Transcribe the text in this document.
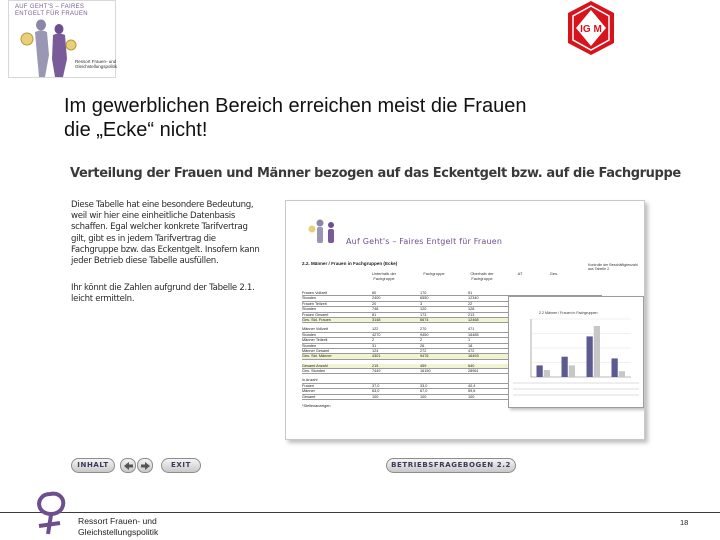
AUF GEHT'S – FAIRES ENTGELT FÜR FRAUEN
Ressort Frauen- und Gleichstellungspolitik
IG M
Im gewerblichen Bereich erreichen meist die Frauen
die „Ecke“ nicht!
Verteilung der Frauen und Männer bezogen auf das Eckentgelt bzw. auf die Fachgruppe
Diese Tabelle hat eine besondere Bedeutung, weil wir hier eine einheitliche Datenbasis schaffen. Egal welcher konkrete Tarifvertrag gilt, gibt es in jedem Tarifvertrag die Fachgruppe bzw. das Eckentgelt. Insofern kann jeder Betrieb diese Tabelle ausfüllen.
Ihr könnt die Zahlen aufgrund der Tabelle 2.1. leicht ermitteln.
Auf Geht's – Faires Entgelt für Frauen
2.2. Männer / Frauen in Fachgruppen (Ecke)
Unterhalb der Fachgruppe
Fachgruppe	Oberhalb der Fachgruppe
AT	Ges.
Kontrolle der Beschäftigtenzahl aus Tabelle 2.
Frauen Vollzeit	60	170	51
Stunden	2400	6550	12340
Frauen Teilzeit	20	3	22
Stunden	748	120	128
Frauen Gesamt	81	173	213
Ges. Std. Frauen	3148	6674	12468
Männer Vollzeit	122	270	471
Stunden	4270	9450	16485
Männer Teilzeit	2	2	1
Stunden	31	26	18
Männer Gesamt	124	272	472
Ges. Std. Männer	4301	9476	16493
Gesamt Anzahl	215	459	640
Ges. Stunden	7449	16150	28961
in Anzahl
Frauen	37,0	33,0	40,4
Männer	63,0	67,0	59,6
Gesamt	100	100	100
*Stellenanzeigen
2.2 Männer / Frauen in Fachgruppen
INHALT	EXIT	BETRIEBSFRAGEBOGEN 2.2
Ressort Frauen- und
Gleichstellungspolitik
18
